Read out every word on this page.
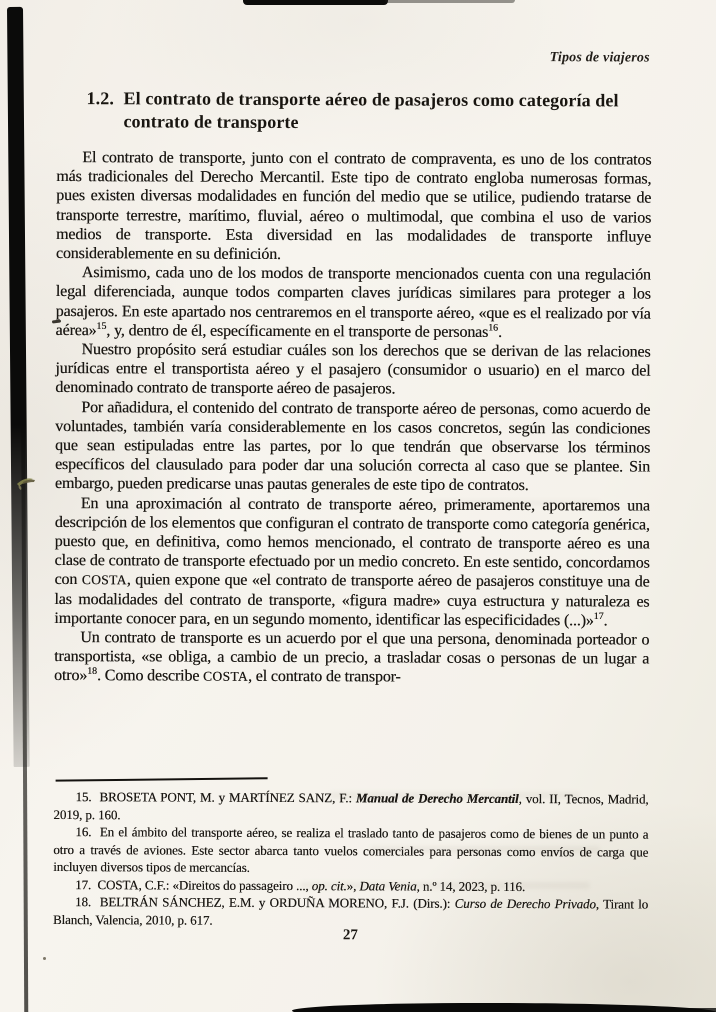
Tipos de viajeros
1.2. El contrato de transporte aéreo de pasajeros como categoría del contrato de transporte

El contrato de transporte, junto con el contrato de compraventa, es uno de los contratos más tradicionales del Derecho Mercantil. Este tipo de contrato engloba numerosas formas, pues existen diversas modalidades en función del medio que se utilice, pudiendo tratarse de transporte terrestre, marítimo, fluvial, aéreo o multimodal, que combina el uso de varios medios de transporte. Esta diversidad en las modalidades de transporte influye considerablemente en su definición.

Asimismo, cada uno de los modos de transporte mencionados cuenta con una regulación legal diferenciada, aunque todos comparten claves jurídicas similares para proteger a los pasajeros. En este apartado nos centraremos en el transporte aéreo, «que es el realizado por vía aérea»$^{15}$, y, dentro de él, específicamente en el transporte de personas$^{16}$.

Nuestro propósito será estudiar cuáles son los derechos que se derivan de las relaciones jurídicas entre el transportista aéreo y el pasajero (consumidor o usuario) en el marco del denominado contrato de transporte aéreo de pasajeros.

Por añadidura, el contenido del contrato de transporte aéreo de personas, como acuerdo de voluntades, también varía considerablemente en los casos concretos, según las condiciones que sean estipuladas entre las partes, por lo que tendrán que observarse los términos específicos del clausulado para poder dar una solución correcta al caso que se plantee. Sin embargo, pueden predicarse unas pautas generales de este tipo de contratos.

En una aproximación al contrato de transporte aéreo, primeramente, aportaremos una descripción de los elementos que configuran el contrato de transporte como categoría genérica, puesto que, en definitiva, como hemos mencionado, el contrato de transporte aéreo es una clase de contrato de transporte efectuado por un medio concreto. En este sentido, concordamos con COSTA, quien expone que «el contrato de transporte aéreo de pasajeros constituye una de las modalidades del contrato de transporte, «figura madre» cuya estructura y naturaleza es importante conocer para, en un segundo momento, identificar las especificidades (...)»$^{17}$.

Un contrato de transporte es un acuerdo por el que una persona, denominada porteador o transportista, «se obliga, a cambio de un precio, a trasladar cosas o personas de un lugar a otro»$^{18}$. Como describe COSTA, el contrato de transpor-

15.  BROSETA PONT, M. y MARTÍNEZ SANZ, F.: Manual de Derecho Mercantil, vol. II, Tecnos, Madrid, 2019, p. 160.

16.  En el ámbito del transporte aéreo, se realiza el traslado tanto de pasajeros como de bienes de un punto a otro a través de aviones. Este sector abarca tanto vuelos comerciales para personas como envíos de carga que incluyen diversos tipos de mercancías.

17.  COSTA, C.F.: «Direitos do passageiro ..., op. cit.», Data Venia, n.º 14, 2023, p. 116.

18.  BELTRÁN SÁNCHEZ, E.M. y ORDUÑA MORENO, F.J. (Dirs.): Curso de Derecho Privado, Tirant lo Blanch, Valencia, 2010, p. 617.

27
